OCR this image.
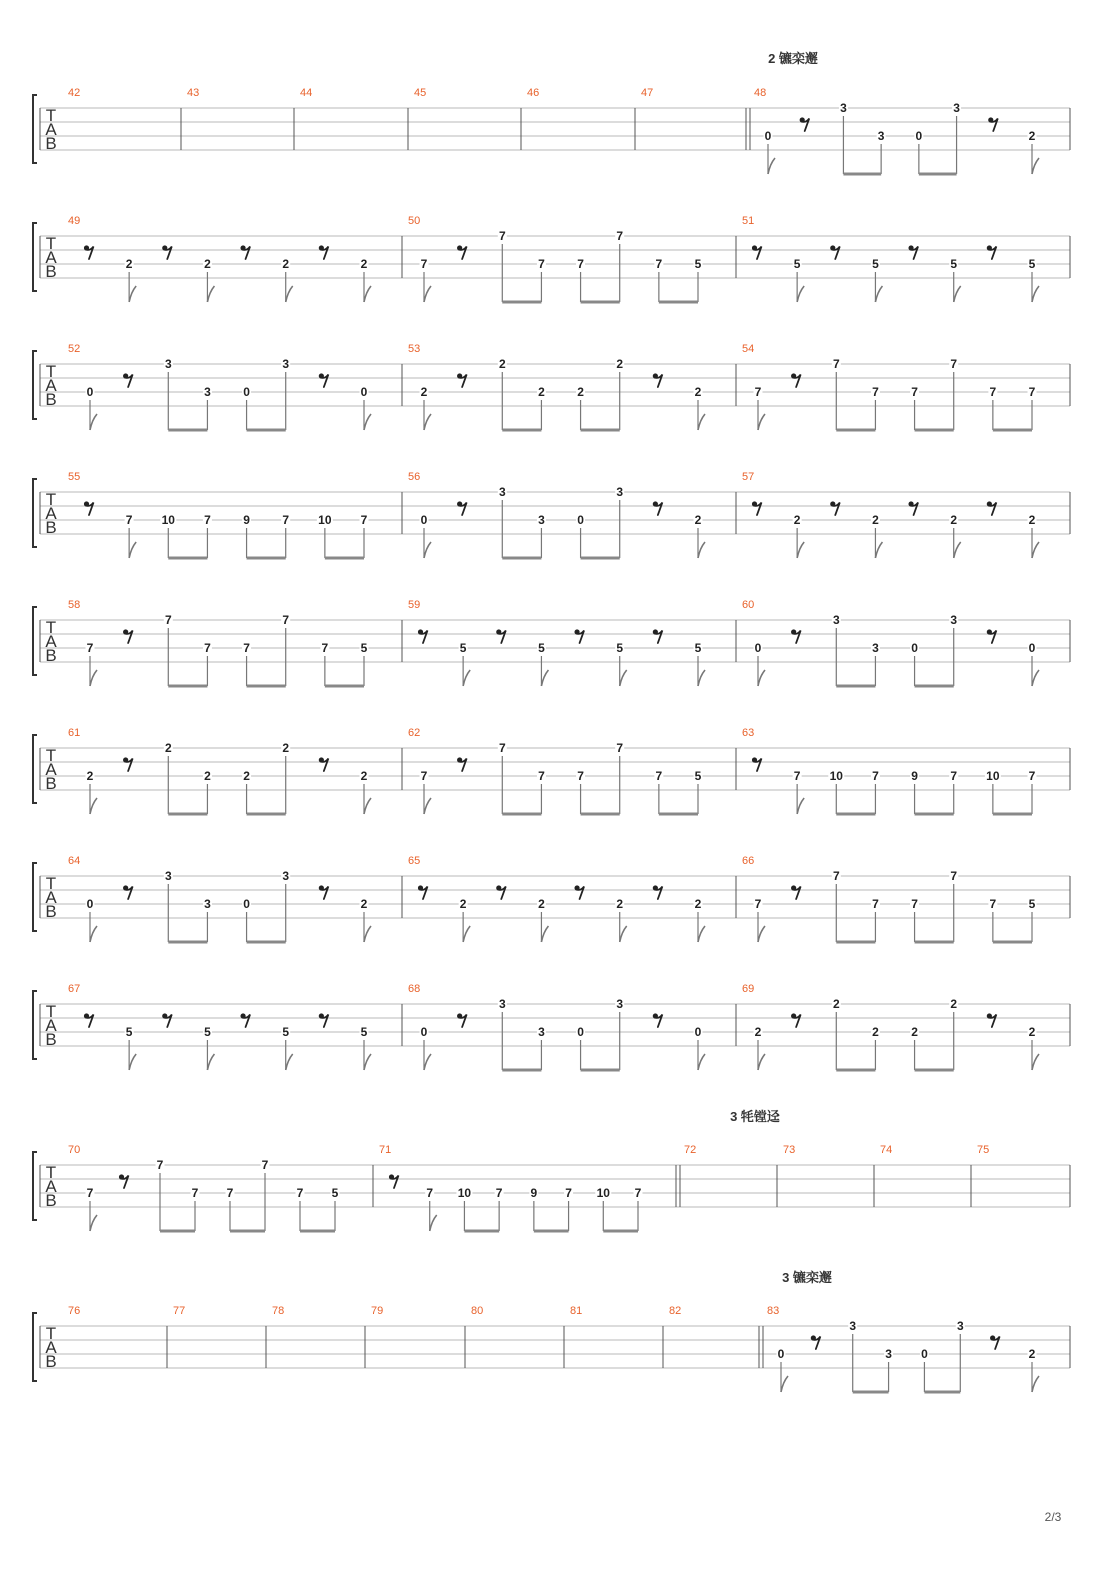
2 镳栾邂
T
A
B
42	43	44	45	46	47	48
0
3
3	0
3
2
T
A
B
49
2	2	2	2
50
7
7
7	7
7
7	5
51
5	5	5	5
T
A
B
52
0
3
3	0
3
0
53
2
2
2	2
2
2
54
7
7
7	7
7
7	7
T
A
B
55
7 10 7	9	7 10 7
56
0
3
3	0
3
2
57
2	2	2	2
T
A
B
58
7
7
7	7
7
7	5
59
5	5	5	5
60
0
3
3	0
3
0
T
A
B
61
2
2
2	2
2
2
62
7
7
7	7
7
7	5
63
7 10 7	9	7 10 7
T
A
B
64
0
3
3	0
3
2
65
2	2	2	2
66
7
7
7	7
7
7	5
T
A
B
67
5	5	5	5
68
0
3
3	0
3
0
69
2
2
2	2
2
2
3 牦镗迳
T
A
B
70
7
7
7 7
7
7 5
71
7 10 7 9 7 10 7
72	73	74	75
3 镳栾邂
T
A
B
76	77	78	79	80	81	82	83
0
3
3 0
3
2
2/3
